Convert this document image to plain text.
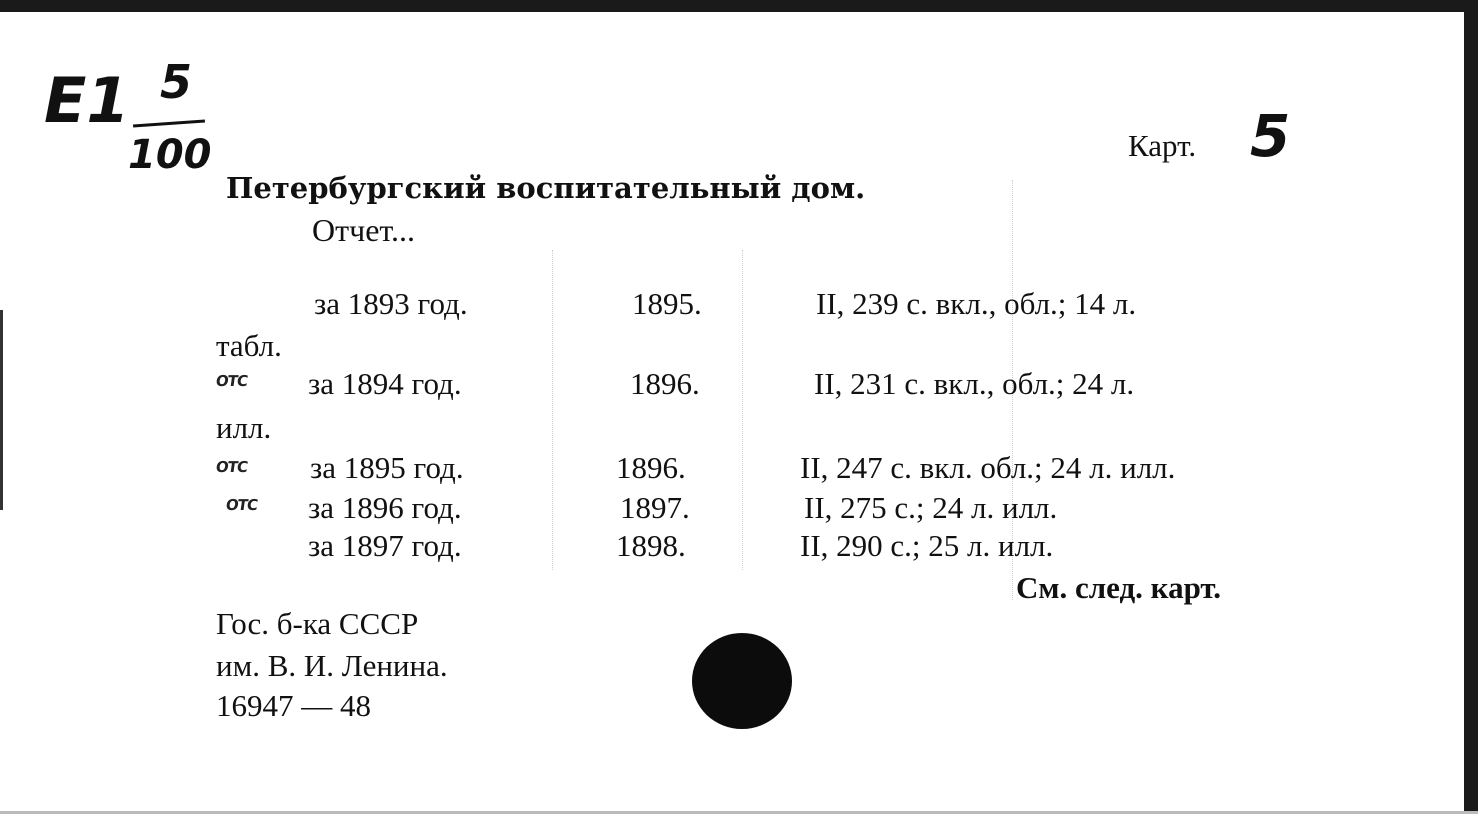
E1 5
100	Карт. 5
Петербургский воспитательный дом.
Отчет...
за 1893 год.	1895.	II, 239 с. вкл., обл.; 14 л.
табл.
ОТС за 1894 год.	1896.	II, 231 с. вкл., обл.; 24 л.
илл.
ОТС за 1895 год.	1896.	II, 247 с. вкл. обл.; 24 л. илл.
ОТС за 1896 год.	1897.	II, 275 с.; 24 л. илл.
за 1897 год.	1898.	II, 290 с.; 25 л. илл.
См. след. карт.
Гос. б-ка СССР
им. В. И. Ленина.
16947 — 48
